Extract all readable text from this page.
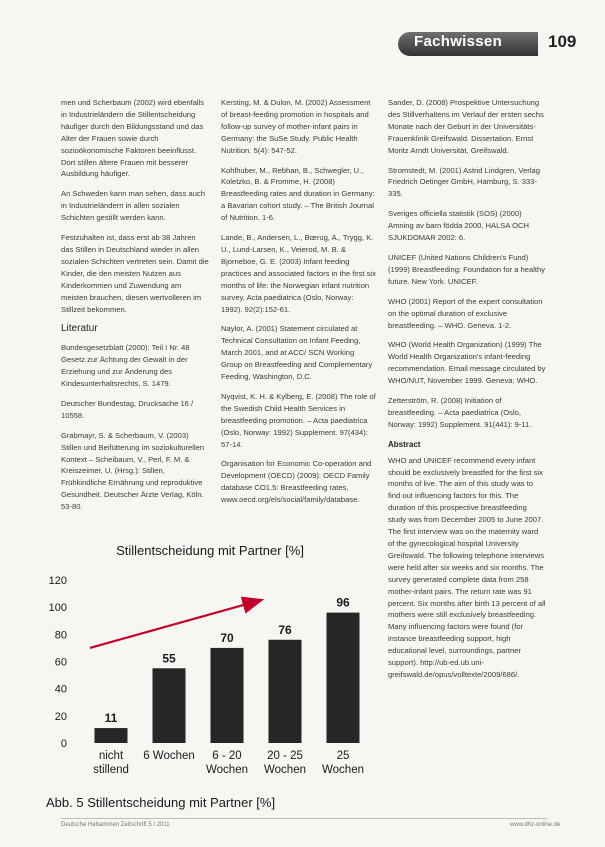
Fachwissen	109

men und Scherbaum (2002) wird ebenfalls in Industrieländern die Stillentscheidung häufiger durch den Bildungsstand und das Alter der Frauen sowie durch sozioökonomische Faktoren beeinflusst. Dort stillen ältere Frauen mit besserer Ausbildung häufiger.

An Schweden kann man sehen, dass auch in Industrieländern in allen sozialen Schichten gestillt werden kann.

Festzuhalten ist, dass erst ab 38 Jahren das Stillen in Deutschland wieder in allen sozialen Schichten vertreten sein. Damit die Kinder, die den meisten Nutzen aus Kinderkommen und Zuwendung am meisten brauchen, diesen wertvolleren im Stillzeit bekommen.

Literatur

Bundesgesetzblatt (2000): Teil I Nr. 48 Gesetz zur Ächtung der Gewalt in der Erziehung und zur Änderung des Kindesunterhaltsrechts, S. 1479.

Deutscher Bundestag, Drucksache 16 / 10558.

Grabmayr, S. & Scherbaum, V. (2003) Stillen und Beifütterung im soziokulturellen Kontext – Scheibaum, V., Perl, F. M. & Kreiszeimer, U. (Hrsg.): Stillen, Frühkindliche Ernährung und reproduktive Gesundheit. Deutscher Ärzte Verlag, Köln. 53-80.

Kersting, M. & Dulon, M. (2002) Assessment of breast-feeding promotion in hospitals and follow-up survey of mother-infant pairs in Germany: the SuSe Study. Public Health Nutrition. 5(4): 547-52.

Kohlhuber, M., Rebhan, B., Schwegler, U., Koletzko, B. & Fromme, H. (2008) Breastfeeding rates and duration in Germany: a Bavarian cohort study. – The British Journal of Nutrition. 1-6.

Lande, B., Andersen, L., Bœrug, A., Trygg, K. U., Lund-Larsen, K., Veierod, M. B. & Bjorneboe, G. E. (2003) Infant feeding practices and associated factors in the first six months of life: the Norwegian infant nutrition survey. Acta paediatrica (Oslo, Norway: 1992). 92(2):152-61.

Naylor, A. (2001) Statement circulated at Technical Consultation on Infant Feeding, March 2001, and at ACC/ SCN Working Group on Breastfeeding and Complementary Feeding, Washington, D.C.

Nyqvist, K. H. & Kylberg, E. (2008) The role of the Swedish Child Health Services in breastfeeding promotion. – Acta paediatrica (Oslo, Norway: 1992) Supplement. 97(434): 57-14.

Organisation for Economic Co-operation and Development (OECD) (2009): OECD Family database CO1.5: Breastfeeding rates, www.oecd.org/els/social/family/database.

Sander, D. (2008) Prospektive Untersuchung des Stillverhaltens im Verlauf der ersten sechs Monate nach der Geburt in der Universitäts-Frauenklinik Greifswald. Dissertation. Ernst Moritz Arndt Universität, Greifswald.

Stromstedt, M. (2001) Astrid Lindgren, Verlag Friedrich Oetinger GmbH, Hamburg, S. 333-335.

Sveriges officiella statistik (SOS) (2000) Amning av barn födda 2000, HALSA OCH SJUKDOMAR 2002: 6.

UNICEF (United Nations Children's Fund) (1999) Breastfeeding: Foundation for a healthy future. New York. UNICEF.

WHO (2001) Report of the expert consultation on the optimal duration of exclusive breastfeeding. – WHO. Geneva. 1-2.

WHO (World Health Organization) (1999) The World Health Organization's infant-feeding recommendation. Email message circulated by WHO/NUT, November 1999. Geneva: WHO.

Zetterström, R. (2008) Initiation of breastfeeding. – Acta paediatrica (Oslo, Norway: 1992) Supplement. 91(441): 9-11.

Abstract

WHO and UNICEF recommend every infant should be exclusively breastfed for the first six months of live. The aim of this study was to find out influencing factors for this. The duration of this prospective breastfeeding study was from December 2005 to June 2007. The first interview was on the maternity ward of the gynecological hospital University Greifswald. The following telephone interviews were held after six weeks and six months. The survey generated complete data from 258 mother-infant pairs. The return rate was 91 percent. Six months after birth 13 percent of all mothers were still exclusively breastfeeding. Many influencing factors were found (for instance breastfeeding support, high educational level, surroundings, partner support). http://ub-ed.ub.uni-greifswald.de/opus/volltexte/2009/686/.

Stillentscheidung mit Partner [%]
0
20
40
60
80
100
120
11
nicht
stillend
55
6 Wochen
70
6 - 20
Wochen
76
20 - 25
Wochen
96
25
Wochen
Abb. 5 Stillentscheidung mit Partner [%]
Deutsche Hebammen Zeitschrift 5 / 2011	www.dhz-online.de
